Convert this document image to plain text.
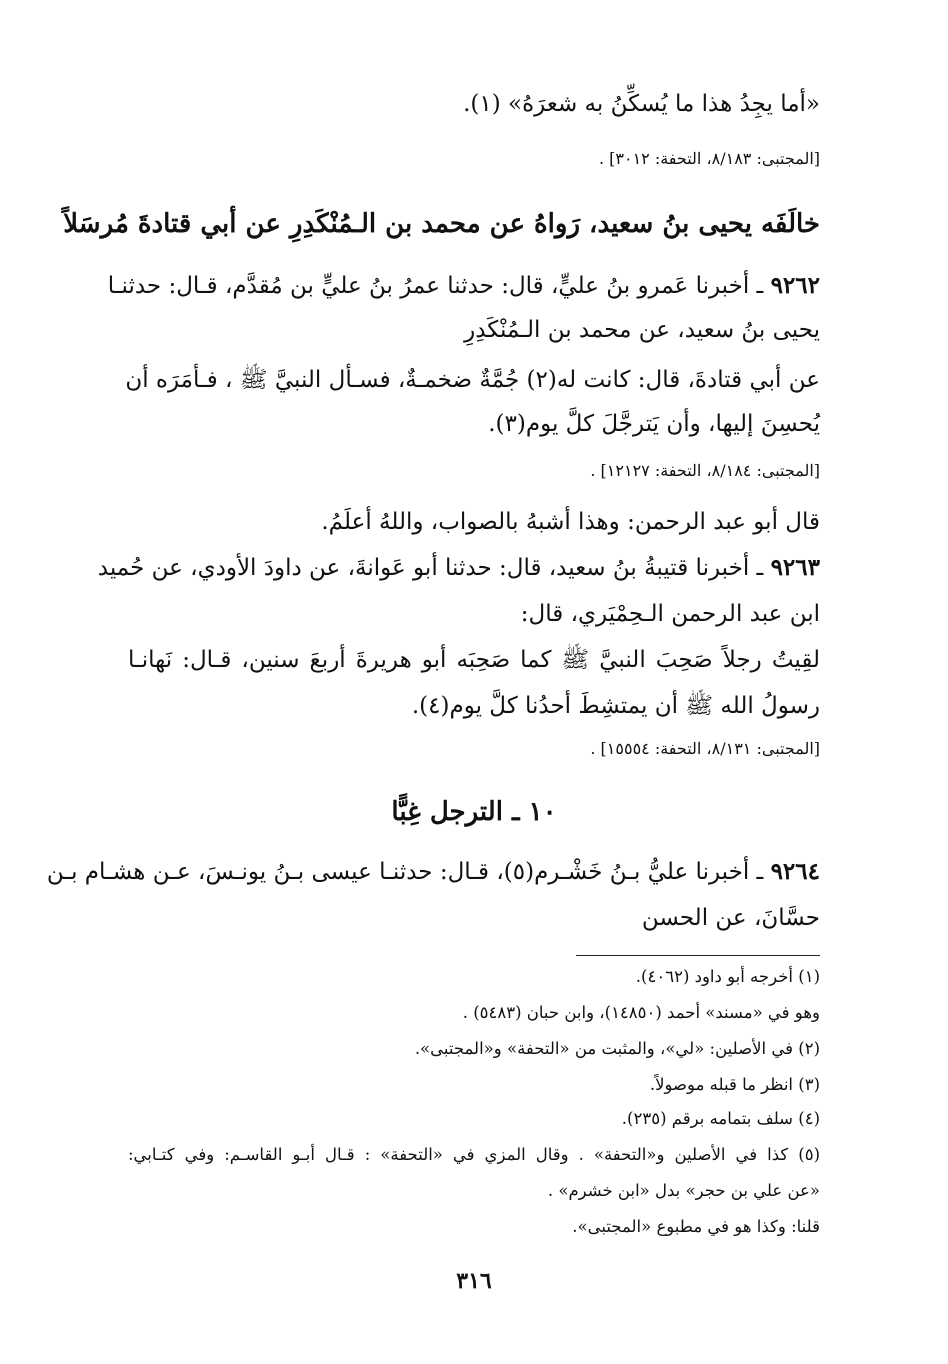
«أما يجِدُ هذا ما يُسكِّنُ به شعرَهُ» (١).
[المجتبى: ٨/١٨٣، التحفة: ٣٠١٢] .
خالَفَه يحيى بنُ سعيد، رَواهُ عن محمد بن الـمُنْكَدِرِ عن أبي قتادةَ مُرسَلاً
٩٢٦٢ ـ أخبرنا عَمرو بنُ عليٍّ، قال: حدثنا عمرُ بنُ عليٍّ بن مُقدَّم، قـال: حدثنـا
يحيى بنُ سعيد، عن محمد بن الـمُنْكَدِرِ
عن أبي قتادةَ، قال: كانت له(٢) جُمَّةٌ ضخمـةٌ، فسـأل النبيَّ ﷺ ، فـأمَرَه أن
يُحسِنَ إليها، وأن يَترجَّلَ كلَّ يوم(٣).
[المجتبى: ٨/١٨٤، التحفة: ١٢١٢٧] .
قال أبو عبد الرحمن: وهذا أشبهُ بالصواب، واللهُ أعلَمُ.
٩٢٦٣ ـ أخبرنا قتيبةُ بنُ سعيد، قال: حدثنا أبو عَوانةَ، عن داودَ الأودي، عن حُميد
ابن عبد الرحمن الـحِمْيَري، قال:
لقِيتُ رجلاً صَحِبَ النبيَّ ﷺ كما صَحِبَه أبو هريرةَ أربعَ سنين، قـال: نَهانـا
رسولُ الله ﷺ أن يمتشِطَ أحدُنا كلَّ يوم(٤).
[المجتبى: ٨/١٣١، التحفة: ١٥٥٥٤] .
١٠ ـ الترجل غِبًّا
٩٢٦٤ ـ أخبرنا عليُّ بـنُ خَشْـرم(٥)، قـال: حدثنـا عيسى بـنُ يونـسَ، عـن هشـام بـن
حسَّانَ، عن الحسن
(١) أخرجه أبو داود (٤٠٦٢).
وهو في «مسند» أحمد (١٤٨٥٠)، وابن حبان (٥٤٨٣) .
(٢) في الأصلين: «لي»، والمثبت من «التحفة» و«المجتبى».
(٣) انظر ما قبله موصولاً.
(٤) سلف بتمامه برقم (٢٣٥).
(٥) كذا في الأصلين و«التحفة» . وقال المزي في «التحفة» : قـال أبـو القاسـم: وفي كتـابي:
«عن علي بن حجر» بدل «ابن خشرم» .
قلنا: وكذا هو في مطبوع «المجتبى».
٣١٦
